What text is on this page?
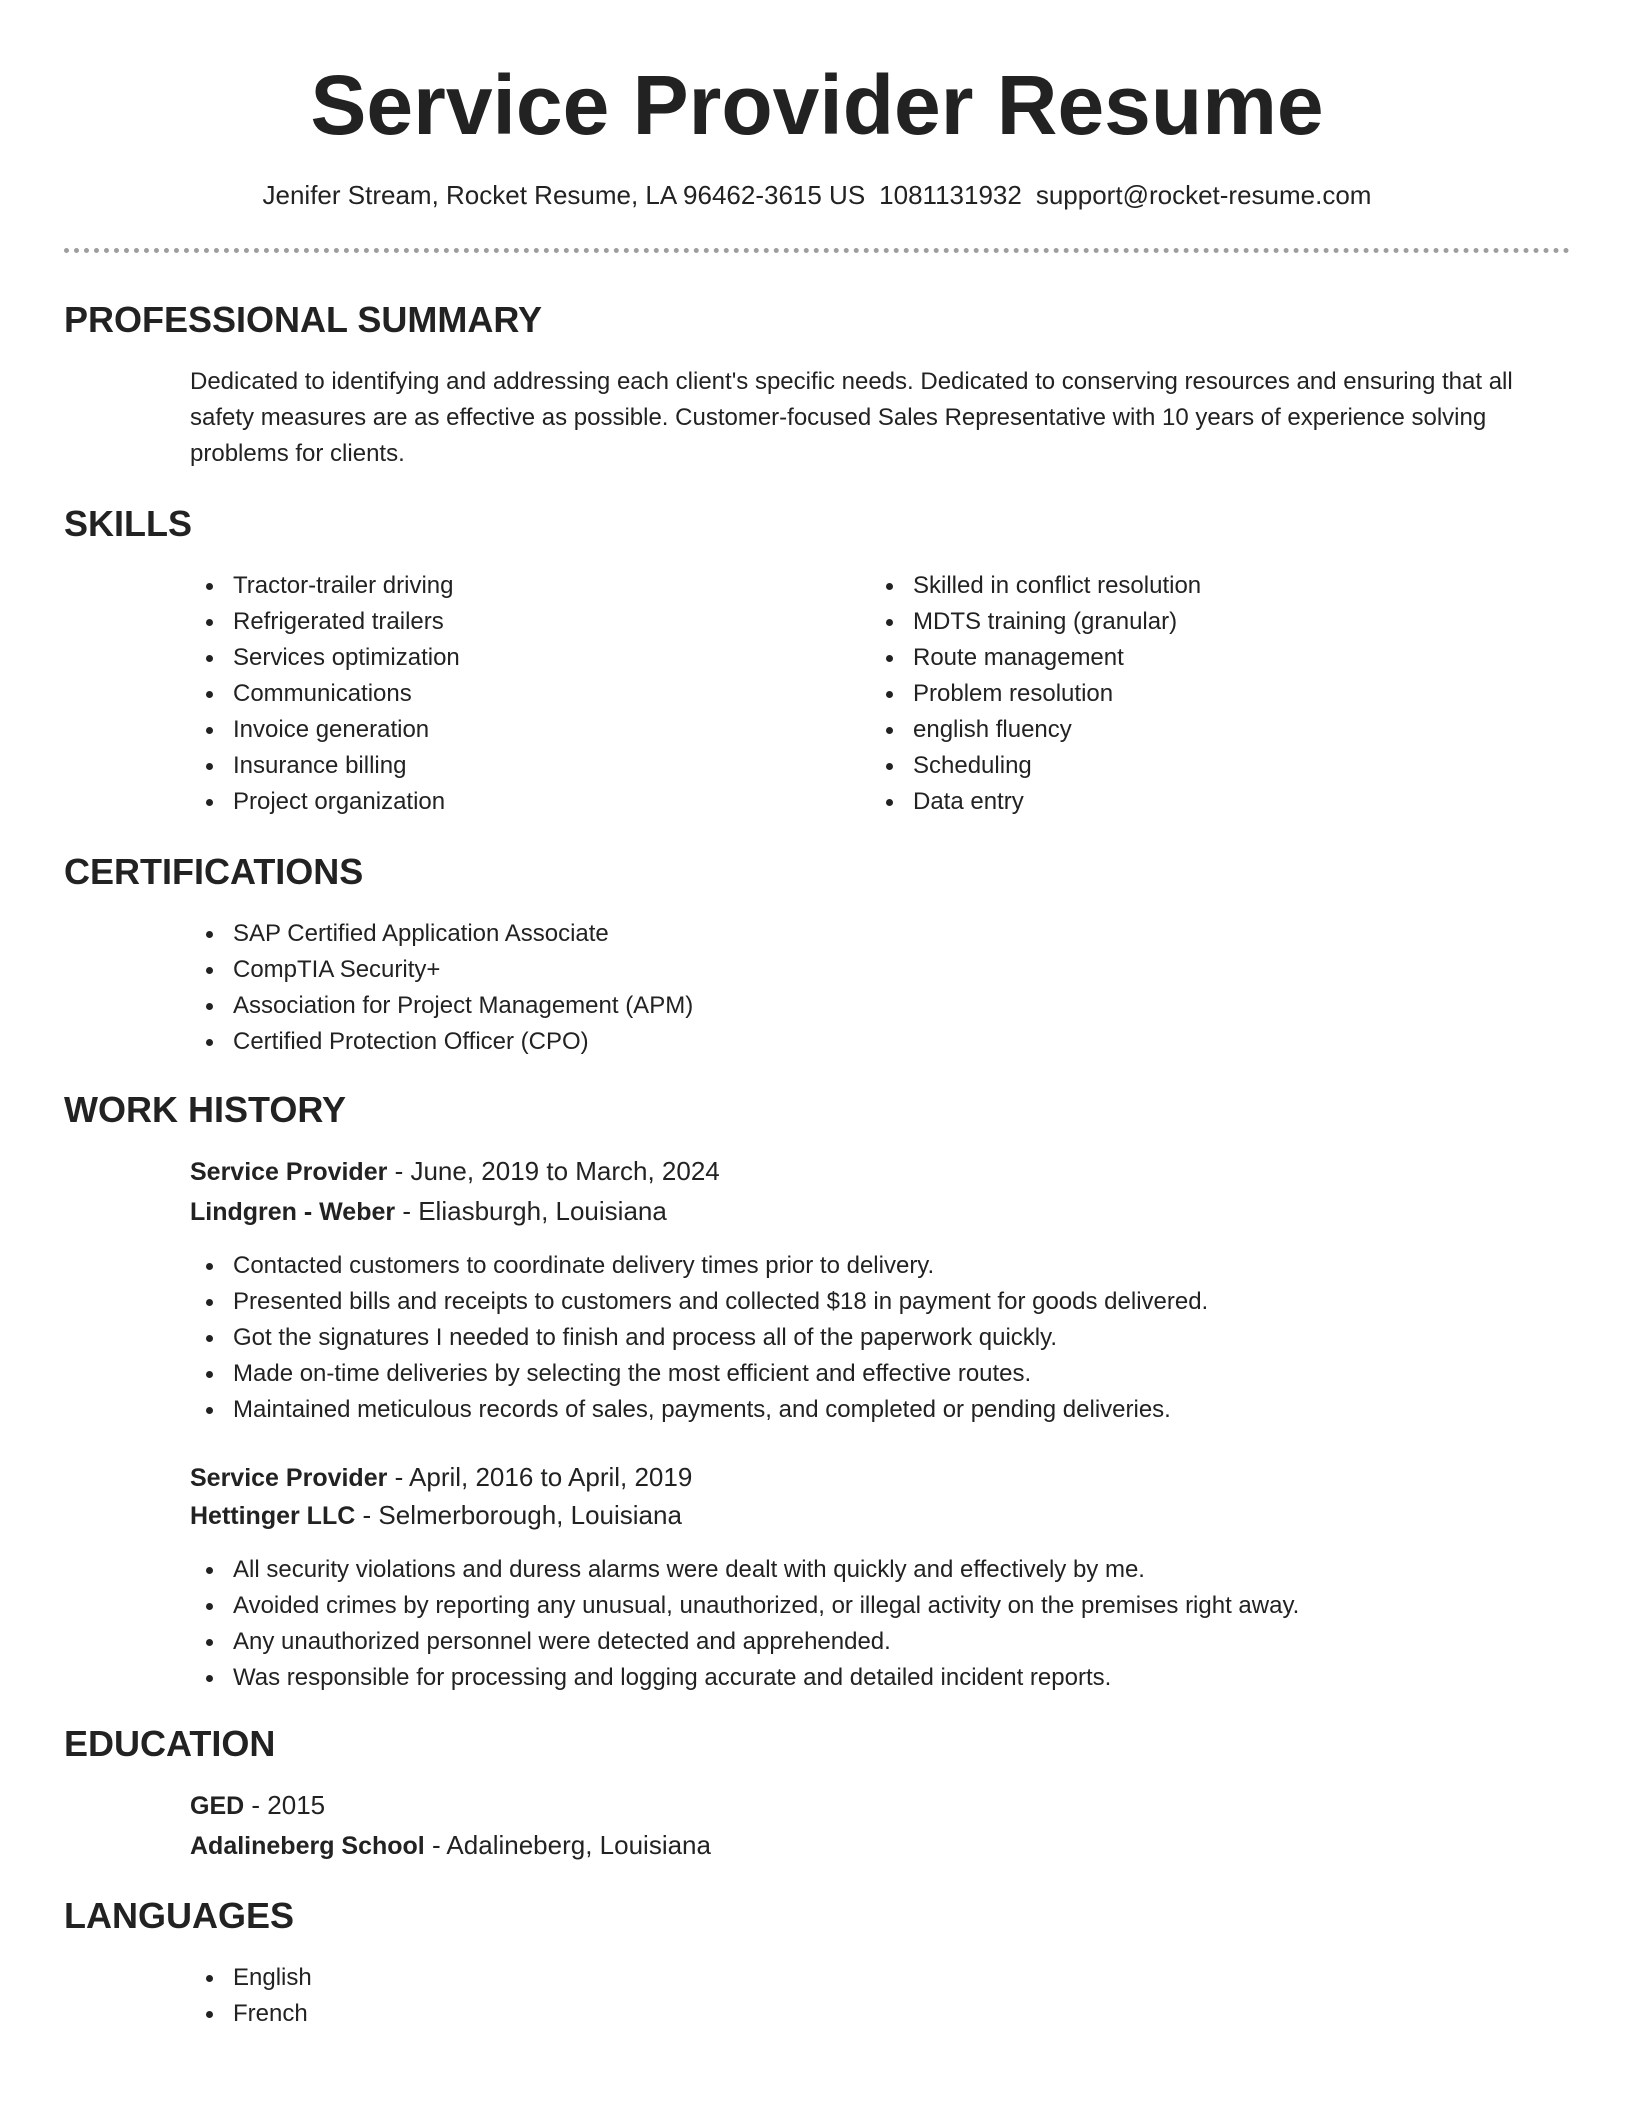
Service Provider Resume
Jenifer Stream, Rocket Resume, LA 96462-3615 US 1081131932 support@rocket-resume.com
PROFESSIONAL SUMMARY

Dedicated to identifying and addressing each client's specific needs. Dedicated to conserving resources and ensuring that all safety measures are as effective as possible. Customer-focused Sales Representative with 10 years of experience solving problems for clients.

SKILLS
Tractor-trailer driving
Refrigerated trailers
Services optimization
Communications
Invoice generation
Insurance billing
Project organization
Skilled in conflict resolution
MDTS training (granular)
Route management
Problem resolution
english fluency
Scheduling
Data entry
CERTIFICATIONS
SAP Certified Application Associate
CompTIA Security+
Association for Project Management (APM)
Certified Protection Officer (CPO)
WORK HISTORY
Service Provider - June, 2019 to March, 2024
Lindgren - Weber - Eliasburgh, Louisiana
Contacted customers to coordinate delivery times prior to delivery.
Presented bills and receipts to customers and collected $18 in payment for goods delivered.
Got the signatures I needed to finish and process all of the paperwork quickly.
Made on-time deliveries by selecting the most efficient and effective routes.
Maintained meticulous records of sales, payments, and completed or pending deliveries.
Service Provider - April, 2016 to April, 2019
Hettinger LLC - Selmerborough, Louisiana
All security violations and duress alarms were dealt with quickly and effectively by me.
Avoided crimes by reporting any unusual, unauthorized, or illegal activity on the premises right away.
Any unauthorized personnel were detected and apprehended.
Was responsible for processing and logging accurate and detailed incident reports.
EDUCATION
GED - 2015
Adalineberg School - Adalineberg, Louisiana
LANGUAGES
English
French
